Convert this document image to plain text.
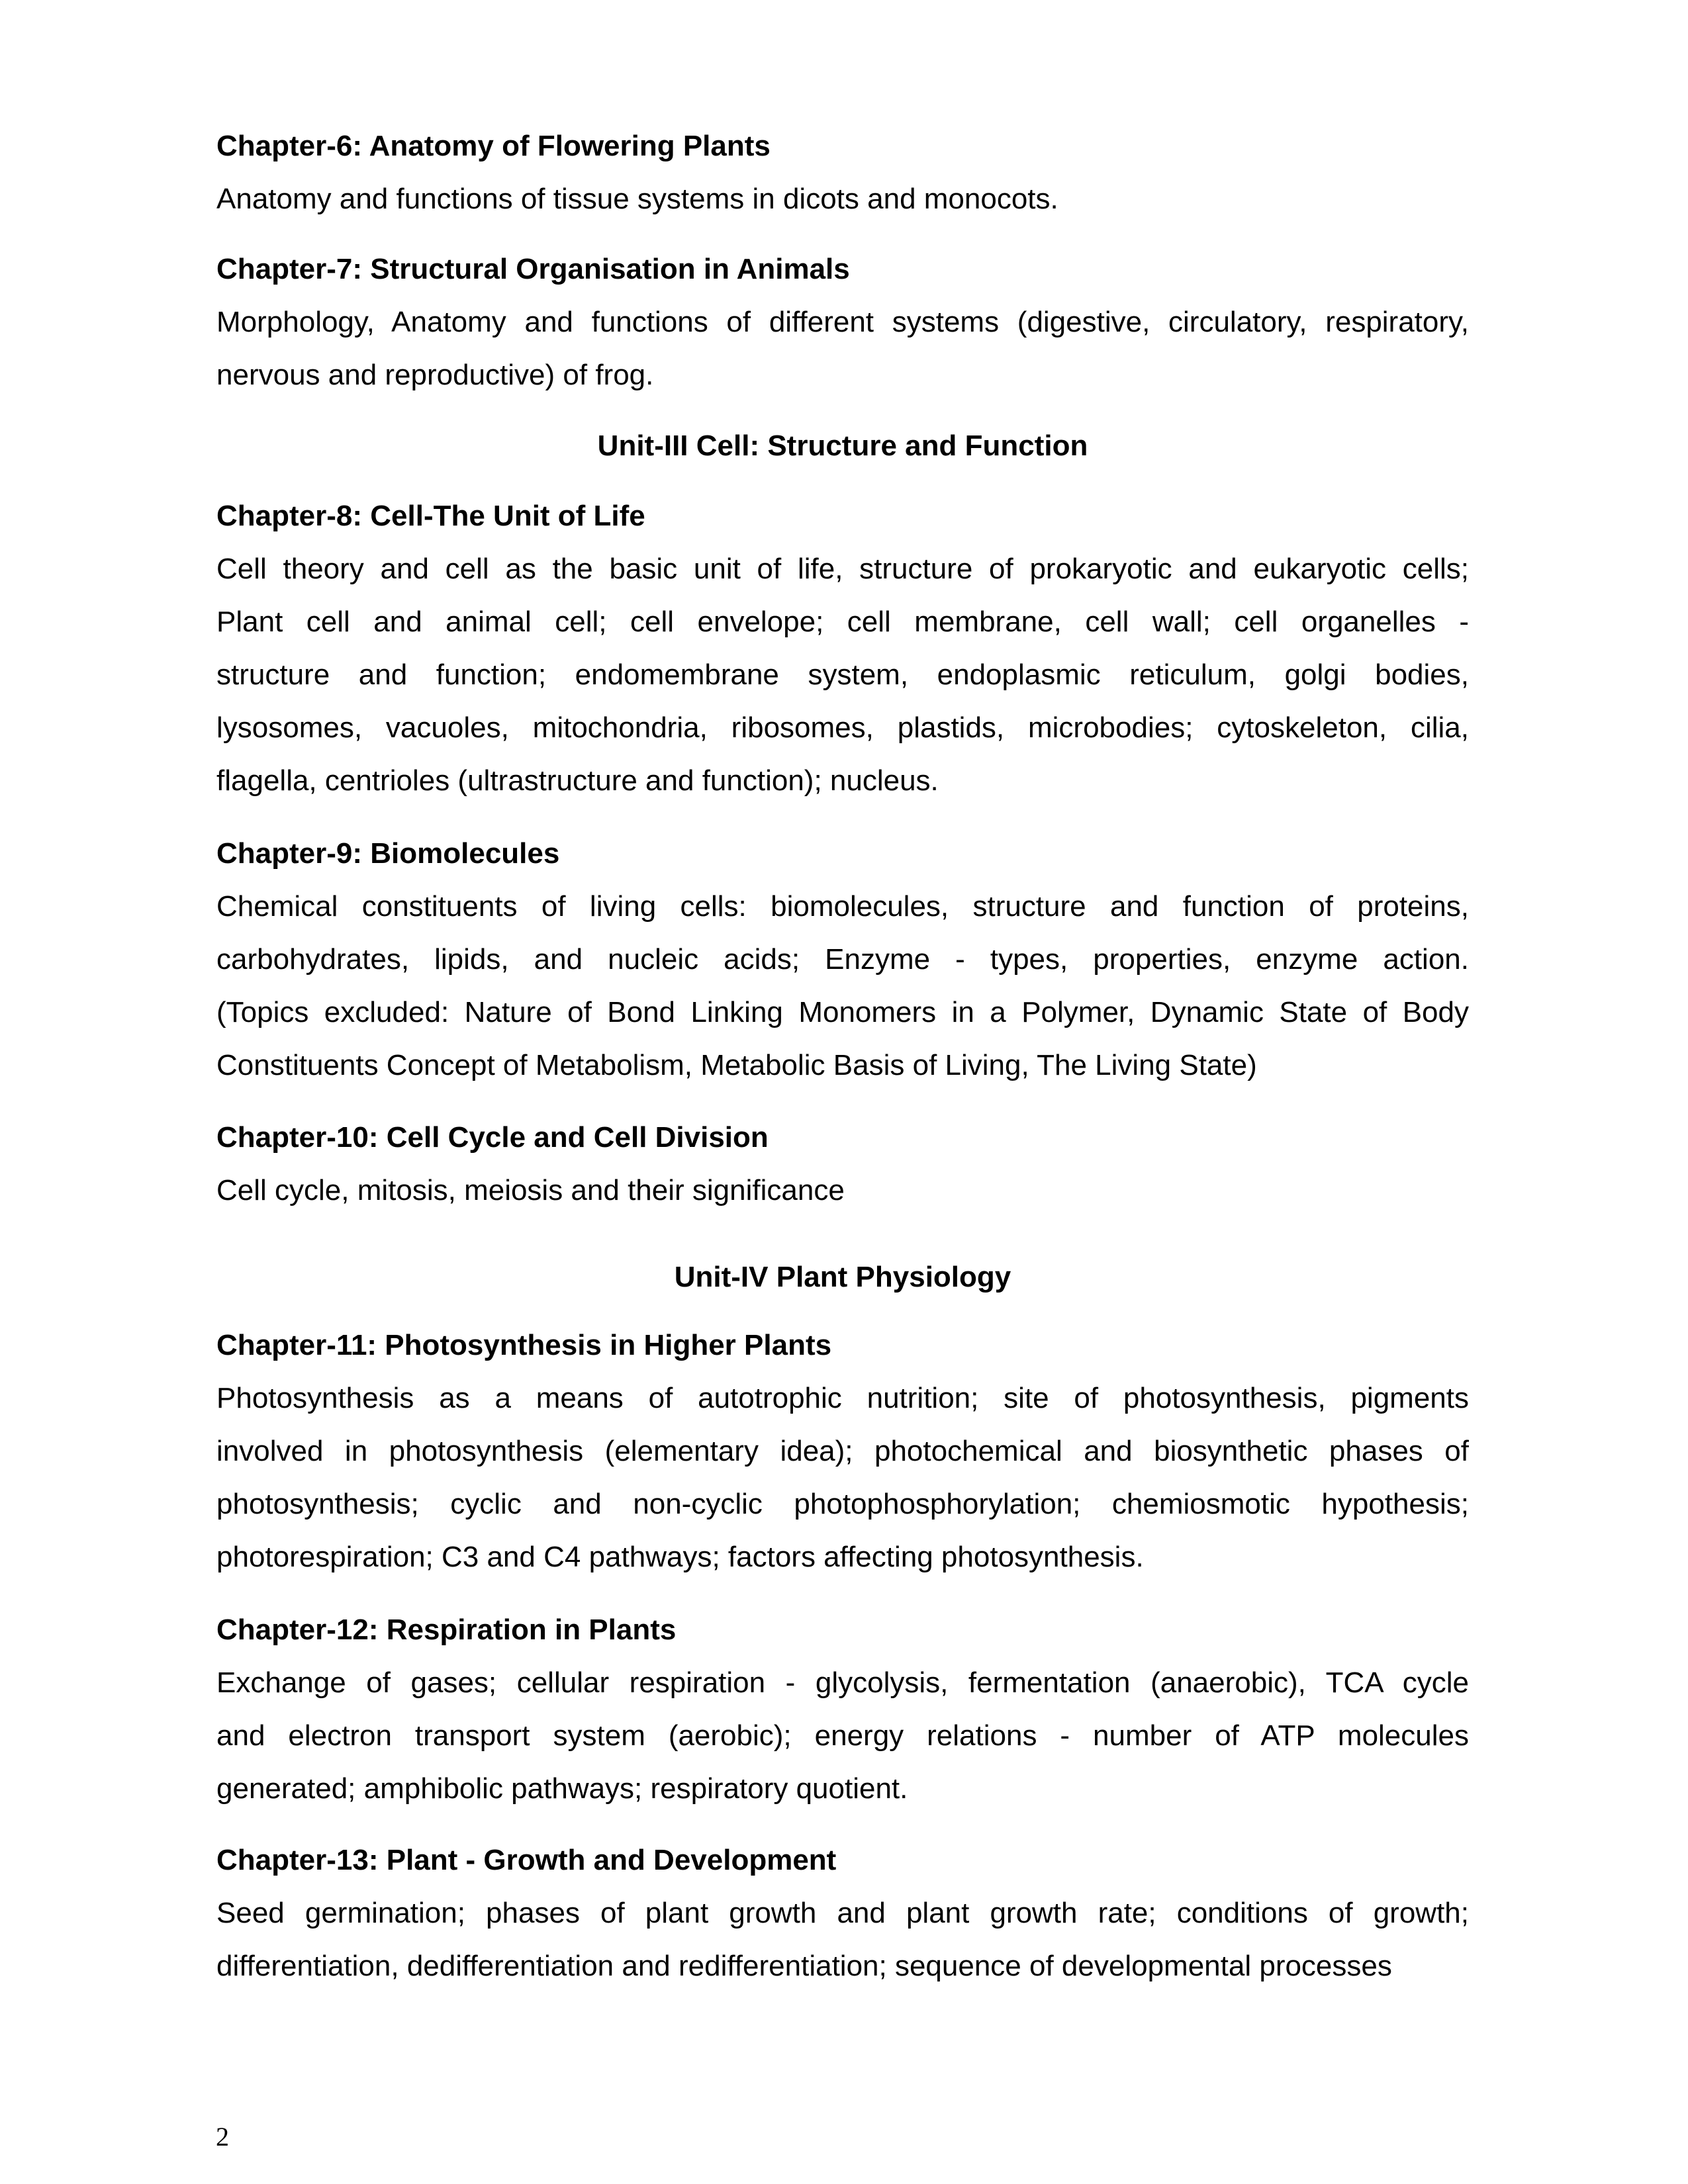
Chapter-6: Anatomy of Flowering Plants
Anatomy and functions of tissue systems in dicots and monocots.
Chapter-7: Structural Organisation in Animals
Morphology, Anatomy and functions of different systems (digestive, circulatory, respiratory,
nervous and reproductive) of frog.
Unit-III Cell: Structure and Function
Chapter-8: Cell-The Unit of Life
Cell theory and cell as the basic unit of life, structure of prokaryotic and eukaryotic cells;
Plant cell and animal cell; cell envelope; cell membrane, cell wall; cell organelles -
structure and function; endomembrane system, endoplasmic reticulum, golgi bodies,
lysosomes, vacuoles, mitochondria, ribosomes, plastids, microbodies; cytoskeleton, cilia,
flagella, centrioles (ultrastructure and function); nucleus.
Chapter-9: Biomolecules
Chemical constituents of living cells: biomolecules, structure and function of proteins,
carbohydrates, lipids, and nucleic acids; Enzyme - types, properties, enzyme action.
(Topics excluded: Nature of Bond Linking Monomers in a Polymer, Dynamic State of Body
Constituents Concept of Metabolism, Metabolic Basis of Living, The Living State)
Chapter-10: Cell Cycle and Cell Division
Cell cycle, mitosis, meiosis and their significance
Unit-IV Plant Physiology
Chapter-11: Photosynthesis in Higher Plants
Photosynthesis as a means of autotrophic nutrition; site of photosynthesis, pigments
involved in photosynthesis (elementary idea); photochemical and biosynthetic phases of
photosynthesis; cyclic and non-cyclic photophosphorylation; chemiosmotic hypothesis;
photorespiration; C3 and C4 pathways; factors affecting photosynthesis.
Chapter-12: Respiration in Plants
Exchange of gases; cellular respiration - glycolysis, fermentation (anaerobic), TCA cycle
and electron transport system (aerobic); energy relations - number of ATP molecules
generated; amphibolic pathways; respiratory quotient.
Chapter-13: Plant - Growth and Development
Seed germination; phases of plant growth and plant growth rate; conditions of growth;
differentiation, dedifferentiation and redifferentiation; sequence of developmental processes
2
